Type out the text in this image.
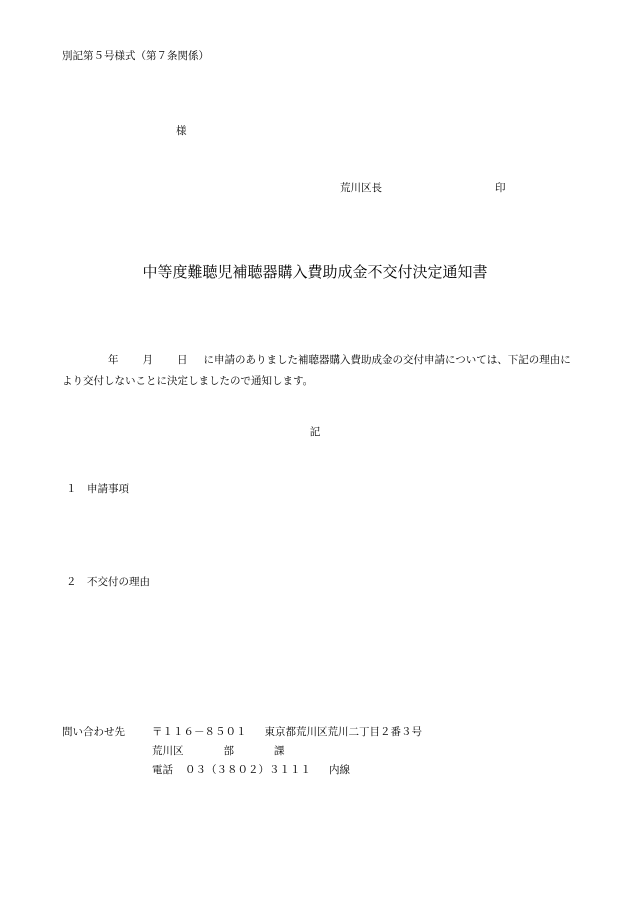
別記第５号様式（第７条関係）
様
荒川区長	印
中等度難聴児補聴器購入費助成金不交付決定通知書
年 月 日 に申請のありました補聴器購入費助成金の交付申請については、下記の理由により交付しないことに決定しましたので通知します。
記
１ 申請事項
２ 不交付の理由
問い合わせ先	〒１１６－８５０１ 東京都荒川区荒川二丁目２番３号
荒川区	部	課
電話 ０３（３８０２）３１１１ 内線
